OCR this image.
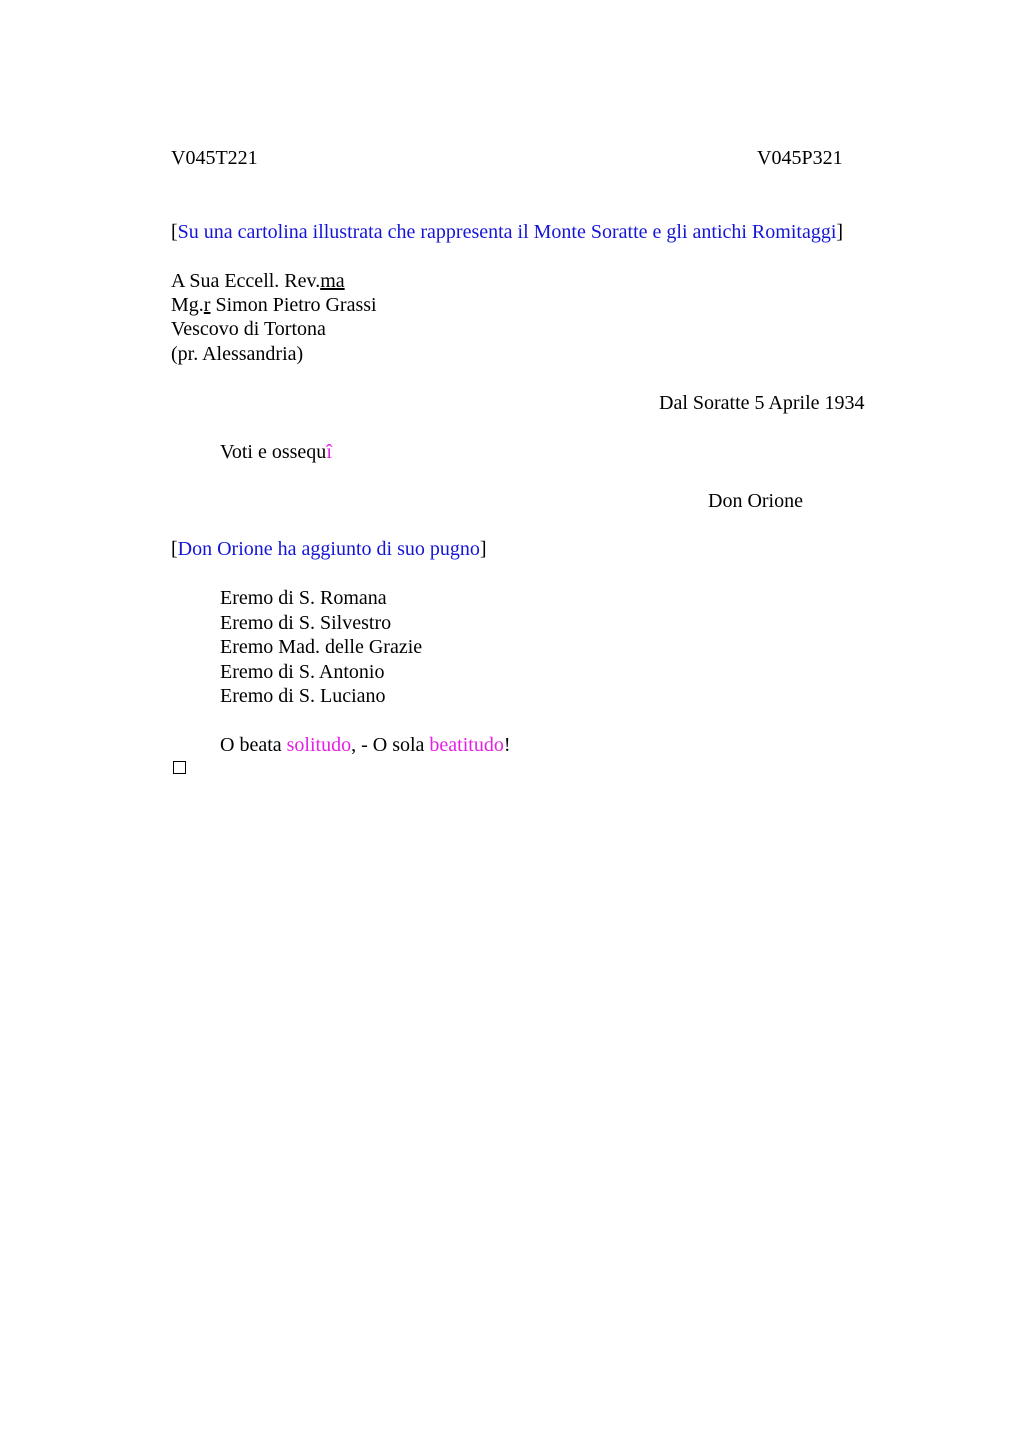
V045T221	V045P321
[Su una cartolina illustrata che rappresenta il Monte Soratte e gli antichi Romitaggi]
A Sua Eccell. Rev.ma
Mg.r Simon Pietro Grassi
Vescovo di Tortona
(pr. Alessandria)
Dal Soratte 5 Aprile 1934
Voti e ossequî
Don Orione
[Don Orione ha aggiunto di suo pugno]
Eremo di S. Romana
Eremo di S. Silvestro
Eremo Mad. delle Grazie
Eremo di S. Antonio
Eremo di S. Luciano
O beata solitudo, - O sola beatitudo!
